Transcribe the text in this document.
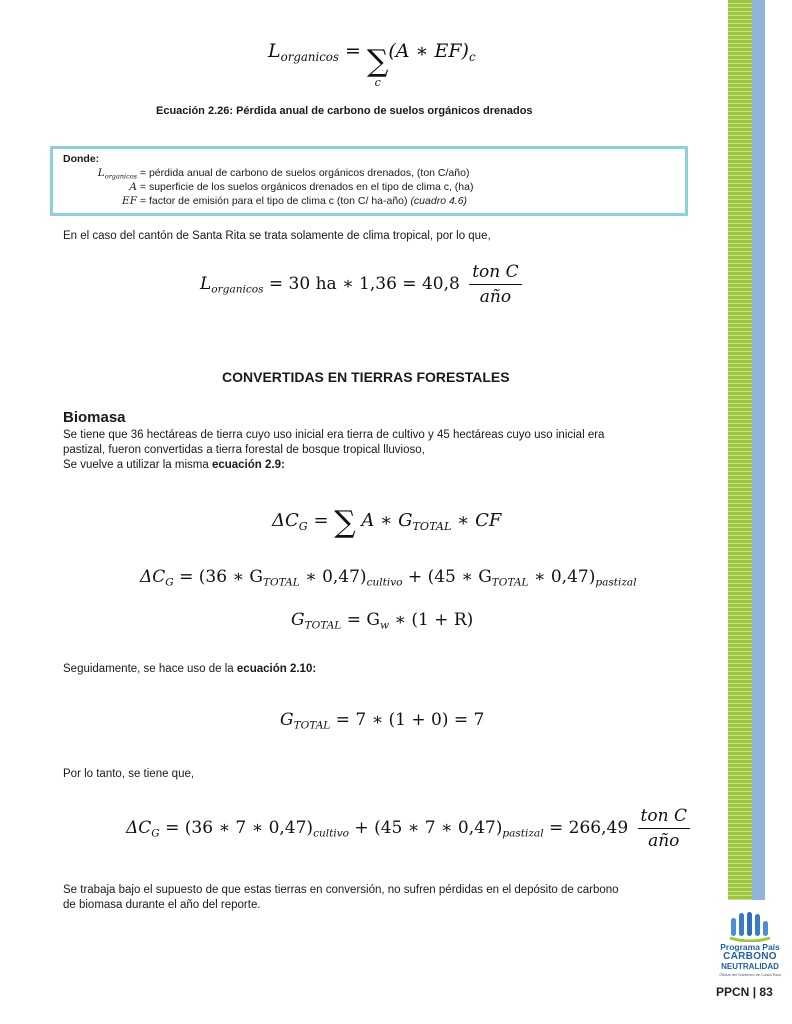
$L_{organicos}$ = ∑
c
(A ∗ $EF)_c$
Ecuación 2.26: Pérdida anual de carbono de suelos orgánicos drenados
Donde:
$L_{organicos}$ = pérdida anual de carbono de suelos orgánicos drenados, (ton C/año)
A = superficie de los suelos orgánicos drenados en el tipo de clima c, (ha)
EF = factor de emisión para el tipo de clima c (ton C/ ha-año) (cuadro 4.6)

En el caso del cantón de Santa Rita se trata solamente de clima tropical, por lo que,

$L_{organicos} = 30$ ha ∗ $1,36 = 40,8 \frac{\text{ton C}}{\text{año}}$
CONVERTIDAS EN TIERRAS FORESTALES
Biomasa

Se tiene que 36 hectáreas de tierra cuyo uso inicial era tierra de cultivo y 45 hectáreas cuyo uso inicial era
pastizal, fueron convertidas a tierra forestal de bosque tropical lluvioso,
Se vuelve a utilizar la misma ecuación 2.9:

$\Delta C_G$ = ∑ A ∗ $G_{TOTAL}$ ∗ CF
$\Delta C_G = (36$ ∗ $G_{TOTAL}$ ∗ $0,47)_{cultivo} + (45$ ∗ $G_{TOTAL}$ ∗ $0,47)_{pastizal}$
$G_{TOTAL} = G_w$ ∗ (1 + R)

Seguidamente, se hace uso de la ecuación 2.10:

$G_{TOTAL} = 7$ ∗ (1 + 0) = 7

Por lo tanto, se tiene que,

$\Delta C_G = (36$ ∗ 7 ∗ $0,47)_{cultivo} + (45$ ∗ 7 ∗ $0,47)_{pastizal} = 266,49 \frac{\text{ton C}}{\text{año}}$

Se trabaja bajo el supuesto de que estas tierras en conversión, no sufren pérdidas en el depósito de carbono
de biomasa durante el año del reporte.

Programa País
CARBONO
NEUTRALIDAD
Oficial del Gobierno de Costa Rica
PPCN | 83
